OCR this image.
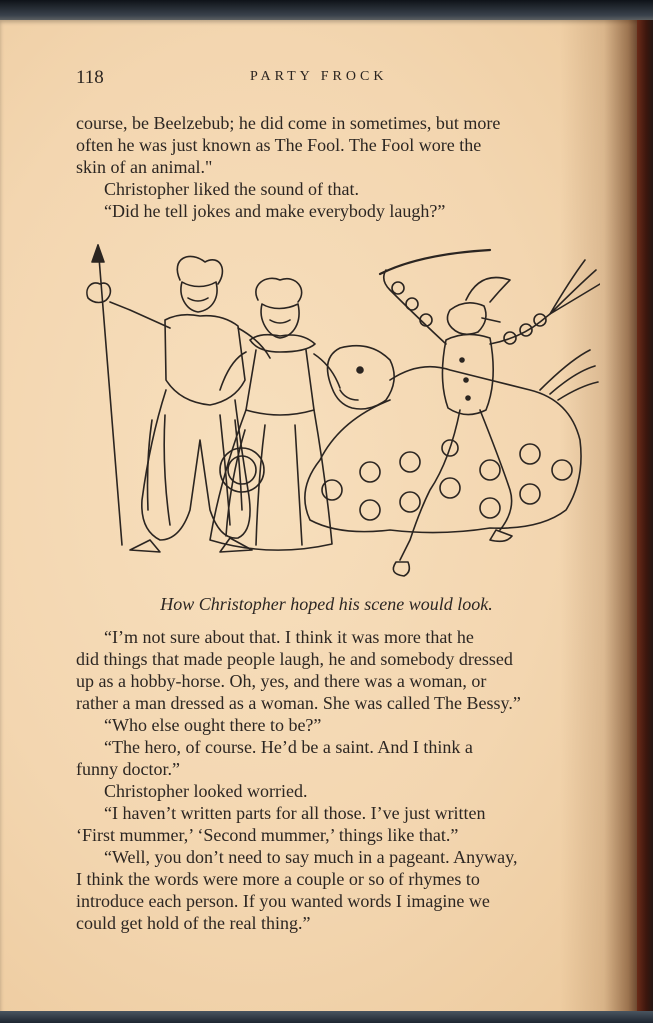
118	PARTY FROCK
course, be Beelzebub; he did come in sometimes, but more
often he was just known as The Fool. The Fool wore the
skin of an animal."
Christopher liked the sound of that.
“Did he tell jokes and make everybody laugh?”
How Christopher hoped his scene would look.
“I’m not sure about that. I think it was more that he
did things that made people laugh, he and somebody dressed
up as a hobby-horse. Oh, yes, and there was a woman, or
rather a man dressed as a woman. She was called The Bessy.”
“Who else ought there to be?”
“The hero, of course. He’d be a saint. And I think a
funny doctor.”
Christopher looked worried.
“I haven’t written parts for all those. I’ve just written
‘First mummer,’ ‘Second mummer,’ things like that.”
“Well, you don’t need to say much in a pageant. Anyway,
I think the words were more a couple or so of rhymes to
introduce each person. If you wanted words I imagine we
could get hold of the real thing.”
